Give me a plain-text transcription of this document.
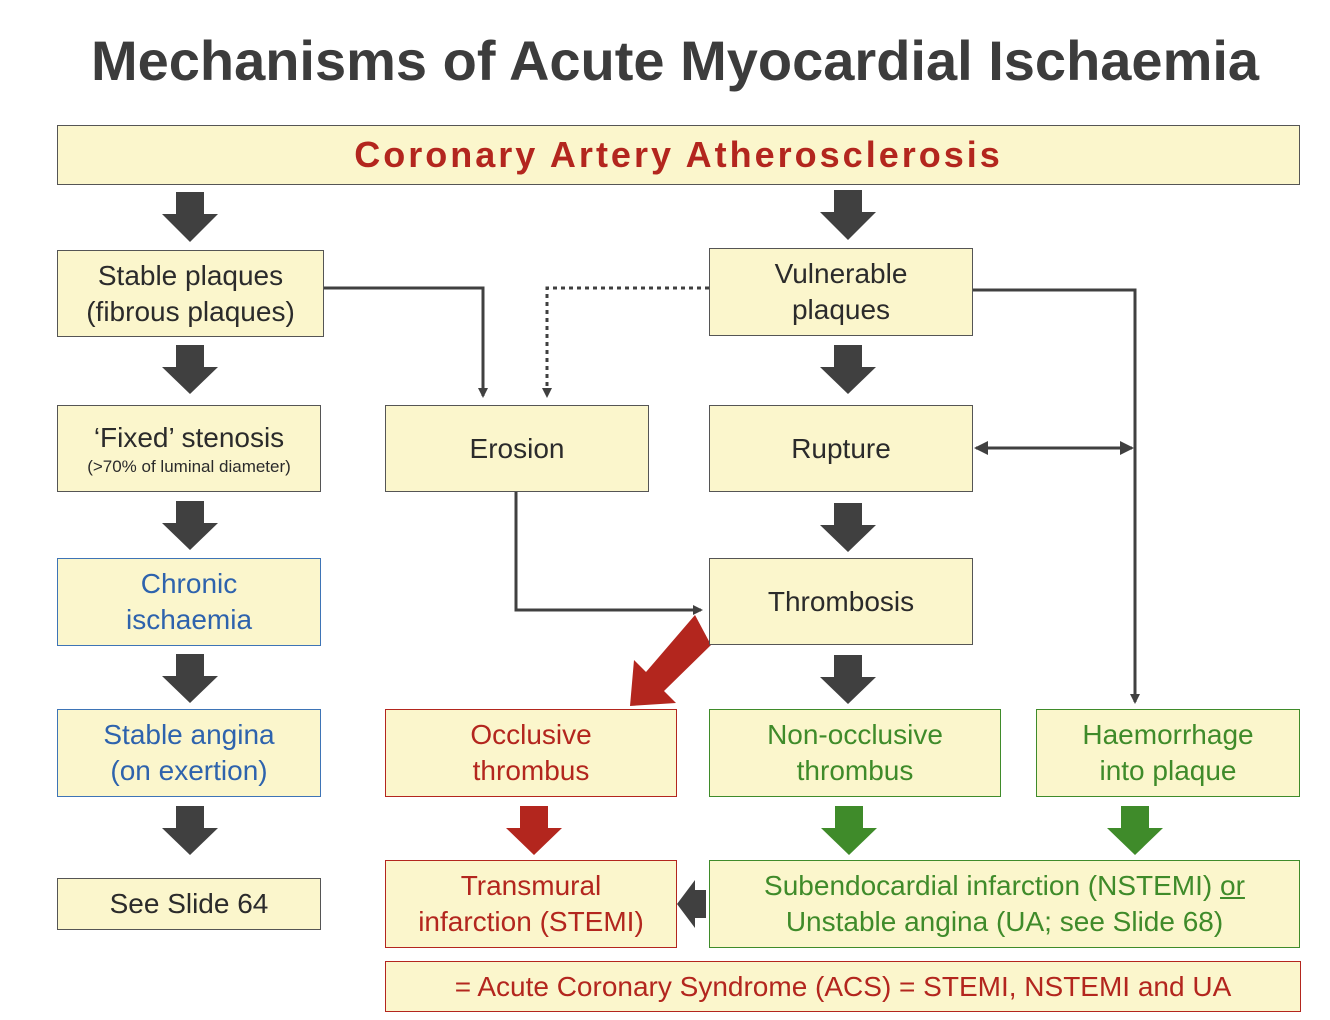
Mechanisms of Acute Myocardial Ischaemia
Coronary Artery Atherosclerosis
Stable plaques
(fibrous plaques)
‘Fixed’ stenosis
(>70% of luminal diameter)
Chronic
ischaemia
Stable angina
(on exertion)
See Slide 64
Vulnerable
plaques
Erosion	Rupture
Thrombosis
Occlusive
thrombus
Non-occlusive
thrombus
Haemorrhage
into plaque
Transmural
infarction (STEMI)
Subendocardial infarction (NSTEMI) or
Unstable angina (UA; see Slide 68)
= Acute Coronary Syndrome (ACS) = STEMI, NSTEMI and UA
